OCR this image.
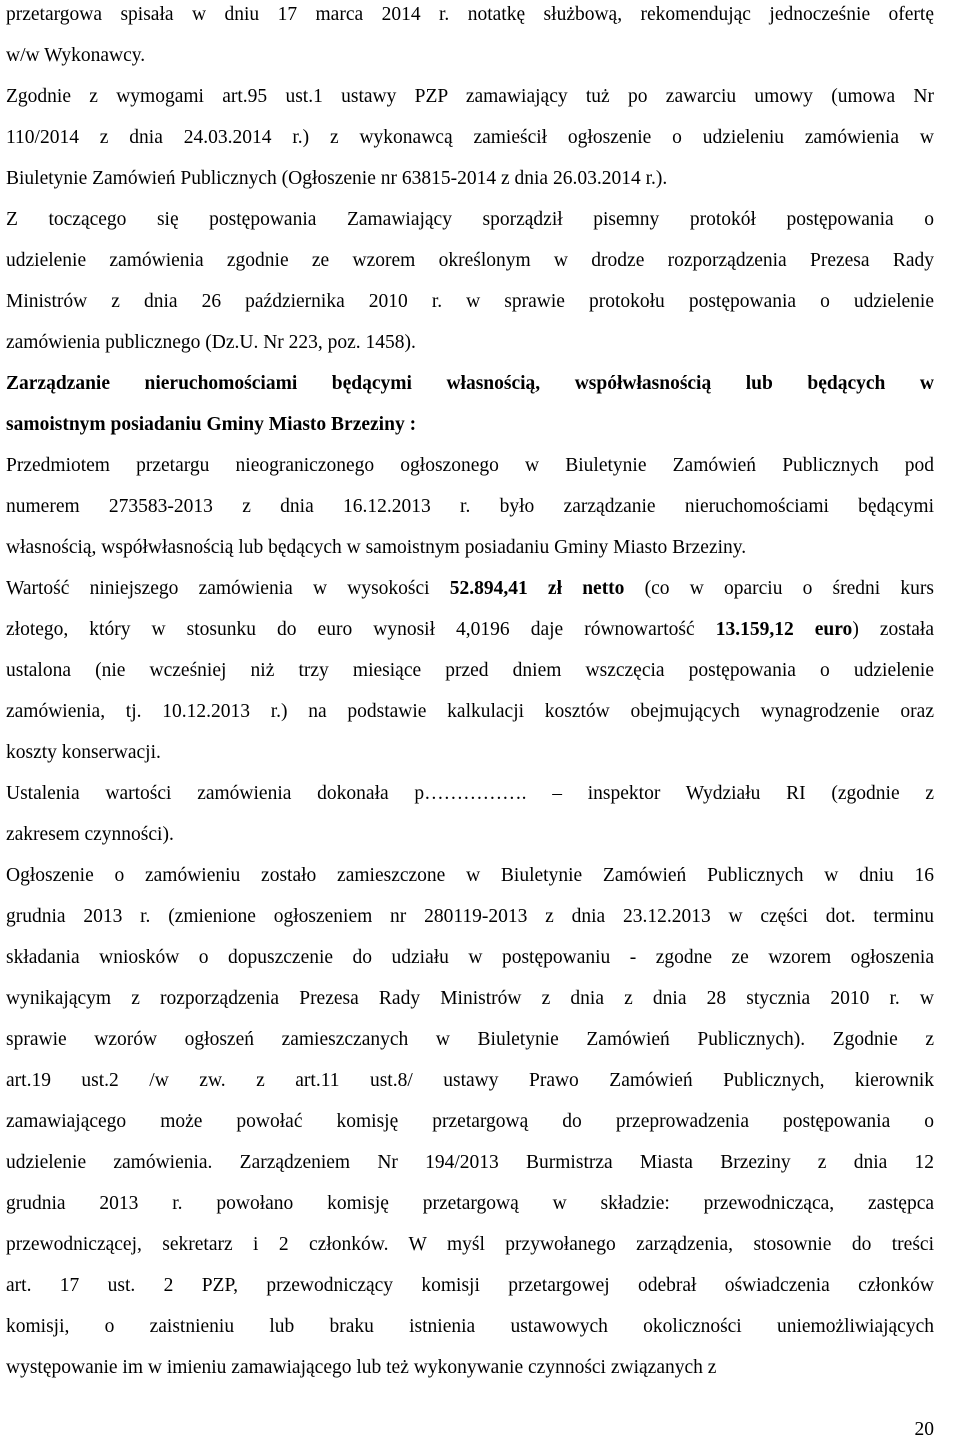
przetargowa spisała w dniu 17 marca 2014 r. notatkę służbową, rekomendując jednocześnie ofertę
w/w Wykonawcy.
Zgodnie z wymogami art.95 ust.1 ustawy PZP zamawiający tuż po zawarciu umowy (umowa Nr
110/2014 z dnia 24.03.2014 r.) z wykonawcą zamieścił ogłoszenie o udzieleniu zamówienia w
Biuletynie Zamówień Publicznych (Ogłoszenie nr 63815-2014 z dnia 26.03.2014 r.).
Z toczącego się postępowania Zamawiający sporządził pisemny protokół postępowania o
udzielenie zamówienia zgodnie ze wzorem określonym w drodze rozporządzenia Prezesa Rady
Ministrów z dnia 26 października 2010 r. w sprawie protokołu postępowania o udzielenie
zamówienia publicznego (Dz.U. Nr 223, poz. 1458).
Zarządzanie nieruchomościami będącymi własnością, współwłasnością lub będących w
samoistnym posiadaniu Gminy Miasto Brzeziny :
Przedmiotem przetargu nieograniczonego ogłoszonego w Biuletynie Zamówień Publicznych pod
numerem 273583-2013 z dnia 16.12.2013 r. było zarządzanie nieruchomościami będącymi
własnością, współwłasnością lub będących w samoistnym posiadaniu Gminy Miasto Brzeziny.
Wartość niniejszego zamówienia w wysokości 52.894,41 zł netto (co w oparciu o średni kurs
złotego, który w stosunku do euro wynosił 4,0196 daje równowartość 13.159,12 euro) została
ustalona (nie wcześniej niż trzy miesiące przed dniem wszczęcia postępowania o udzielenie
zamówienia, tj. 10.12.2013 r.) na podstawie kalkulacji kosztów obejmujących wynagrodzenie oraz
koszty konserwacji.
Ustalenia wartości zamówienia dokonała p……………. – inspektor Wydziału RI (zgodnie z
zakresem czynności).
Ogłoszenie o zamówieniu zostało zamieszczone w Biuletynie Zamówień Publicznych w dniu 16
grudnia 2013 r. (zmienione ogłoszeniem nr 280119-2013 z dnia 23.12.2013 w części dot. terminu
składania wniosków o dopuszczenie do udziału w postępowaniu - zgodne ze wzorem ogłoszenia
wynikającym z rozporządzenia Prezesa Rady Ministrów z dnia z dnia 28 stycznia 2010 r. w
sprawie wzorów ogłoszeń zamieszczanych w Biuletynie Zamówień Publicznych). Zgodnie z
art.19 ust.2 /w zw. z art.11 ust.8/ ustawy Prawo Zamówień Publicznych, kierownik
zamawiającego może powołać komisję przetargową do przeprowadzenia postępowania o
udzielenie zamówienia. Zarządzeniem Nr 194/2013 Burmistrza Miasta Brzeziny z dnia 12
grudnia 2013 r. powołano komisję przetargową w składzie: przewodnicząca, zastępca
przewodniczącej, sekretarz i 2 członków. W myśl przywołanego zarządzenia, stosownie do treści
art. 17 ust. 2 PZP, przewodniczący komisji przetargowej odebrał oświadczenia członków
komisji, o zaistnieniu lub braku istnienia ustawowych okoliczności uniemożliwiających
występowanie im w imieniu zamawiającego lub też wykonywanie czynności związanych z
20
